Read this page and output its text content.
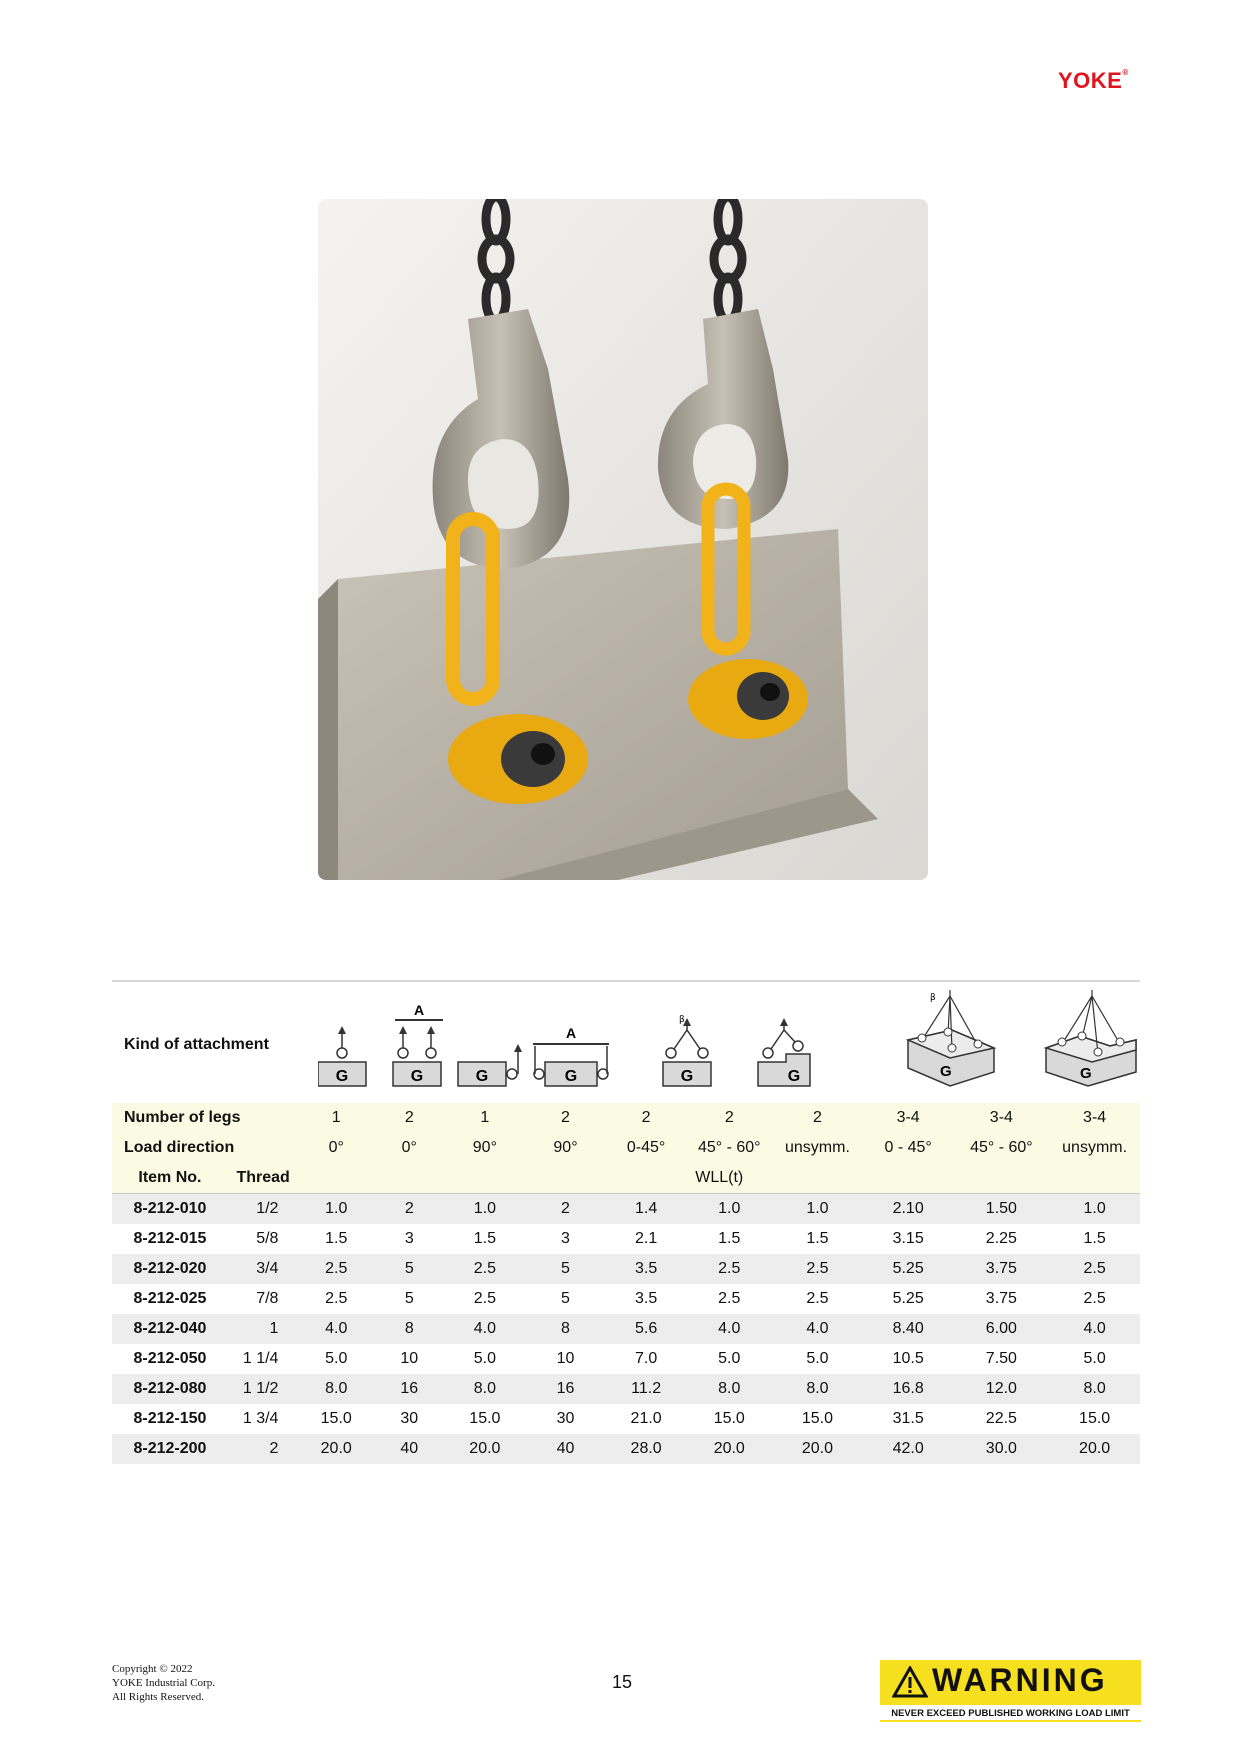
YOKE®
Kind of attachment
G
A
G	G
A
G	G
β
G	G
β
G
Number of legs		1	2	1	2	2	2	2	3-4	3-4	3-4
Load direction		0°	0°	90°	90°	0-45°	45° - 60°	unsymm.	0 - 45°	45° - 60°	unsymm.
Item No.	Thread	WLL(t)									
8-212-010	1/2	1.0	2	1.0	2	1.4	1.0	1.0	2.10	1.50	1.0
8-212-015	5/8	1.5	3	1.5	3	2.1	1.5	1.5	3.15	2.25	1.5
8-212-020	3/4	2.5	5	2.5	5	3.5	2.5	2.5	5.25	3.75	2.5
8-212-025	7/8	2.5	5	2.5	5	3.5	2.5	2.5	5.25	3.75	2.5
8-212-040	1	4.0	8	4.0	8	5.6	4.0	4.0	8.40	6.00	4.0
8-212-050	1 1/4	5.0	10	5.0	10	7.0	5.0	5.0	10.5	7.50	5.0
8-212-080	1 1/2	8.0	16	8.0	16	11.2	8.0	8.0	16.8	12.0	8.0
8-212-150	1 3/4	15.0	30	15.0	30	21.0	15.0	15.0	31.5	22.5	15.0
8-212-200	2	20.0	40	20.0	40	28.0	20.0	20.0	42.0	30.0	20.0
Copyright © 2022
YOKE Industrial Corp.
All Rights Reserved.
15	WARNING
NEVER EXCEED PUBLISHED WORKING LOAD LIMIT
